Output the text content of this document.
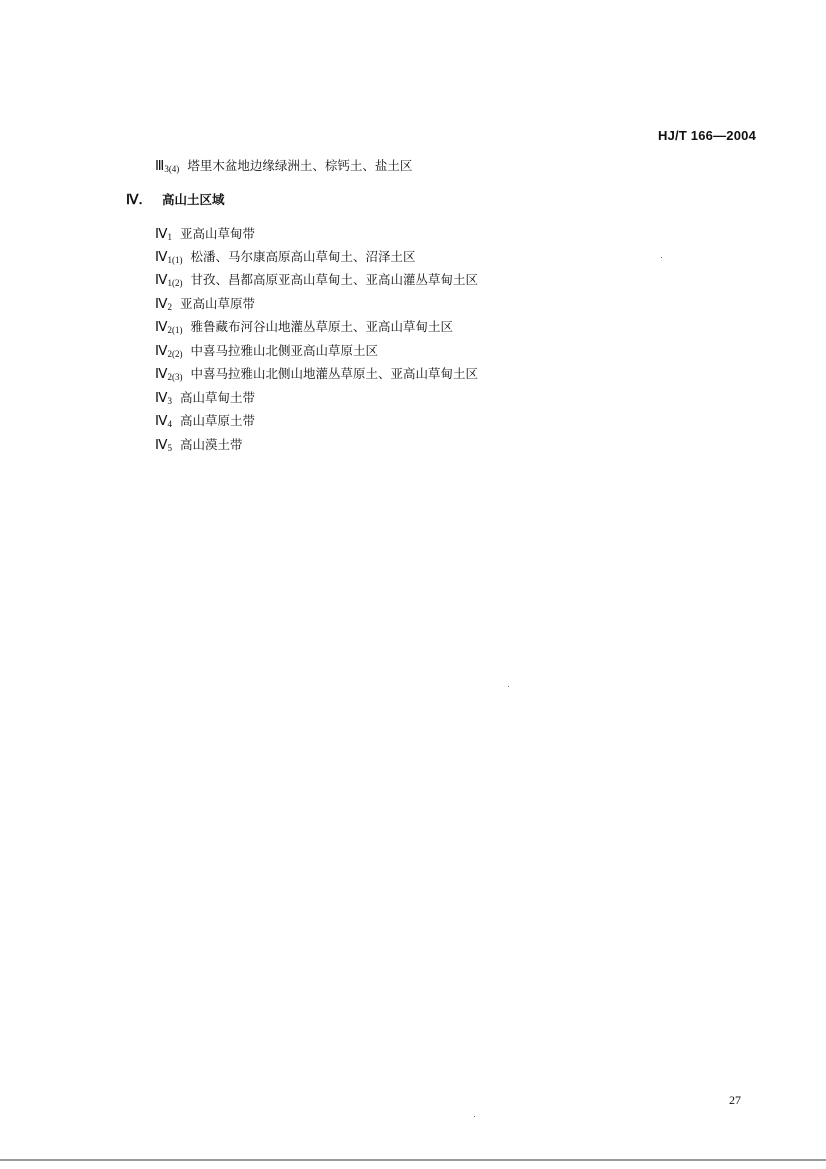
HJ/T 166—2004
$Ⅲ_{3(4)}$ 塔里木盆地边缘绿洲土、棕钙土、盐土区
Ⅳ． 高山土区域
$Ⅳ_1$ 亚高山草甸带
$Ⅳ_{1(1)}$ 松潘、马尔康高原高山草甸土、沼泽土区
$Ⅳ_{1(2)}$ 甘孜、昌都高原亚高山草甸土、亚高山灌丛草甸土区
$Ⅳ_2$ 亚高山草原带
$Ⅳ_{2(1)}$ 雅鲁藏布河谷山地灌丛草原土、亚高山草甸土区
$Ⅳ_{2(2)}$ 中喜马拉雅山北侧亚高山草原土区
$Ⅳ_{2(3)}$ 中喜马拉雅山北侧山地灌丛草原土、亚高山草甸土区
$Ⅳ_3$ 高山草甸土带
$Ⅳ_4$ 高山草原土带
$Ⅳ_5$ 高山漠土带
27
